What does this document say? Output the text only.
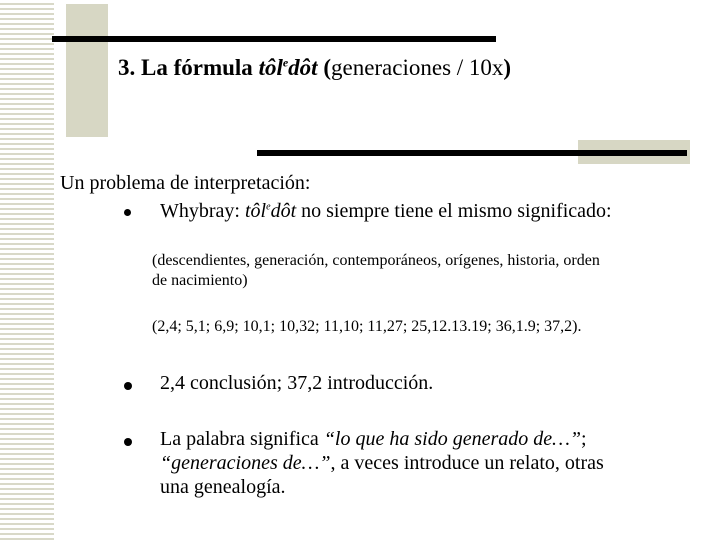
3. La fórmula tôl$^e$dôt (generaciones / 10x)
Un problema de interpretación:
Whybray: tôl$^e$dôt no siempre tiene el mismo significado:
(descendientes, generación, contemporáneos, orígenes, historia, orden
de nacimiento)
(2,4; 5,1; 6,9; 10,1; 10,32; 11,10; 11,27; 25,12.13.19; 36,1.9; 37,2).
2,4 conclusión; 37,2 introducción.
La palabra significa “lo que ha sido generado de…”;
“generaciones de…”, a veces introduce un relato, otras
una genealogía.
